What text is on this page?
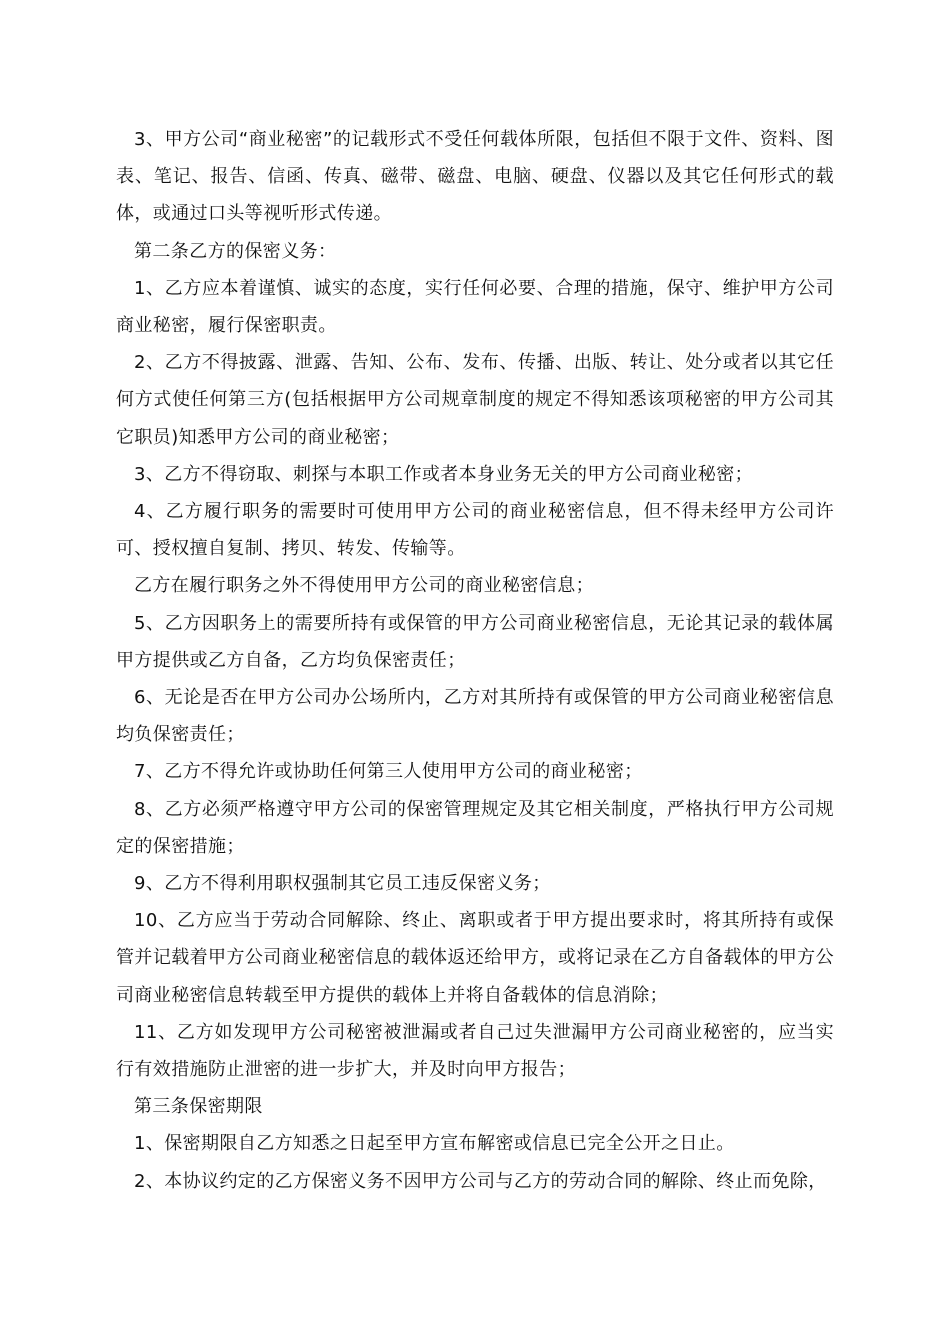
3、甲方公司“商业秘密”的记载形式不受任何载体所限，包括但不限于文件、资料、图表、笔记、报告、信函、传真、磁带、磁盘、电脑、硬盘、仪器以及其它任何形式的载体，或通过口头等视听形式传递。

第二条乙方的保密义务：

1、乙方应本着谨慎、诚实的态度，实行任何必要、合理的措施，保守、维护甲方公司商业秘密，履行保密职责。

2、乙方不得披露、泄露、告知、公布、发布、传播、出版、转让、处分或者以其它任何方式使任何第三方(包括根据甲方公司规章制度的规定不得知悉该项秘密的甲方公司其它职员)知悉甲方公司的商业秘密；

3、乙方不得窃取、刺探与本职工作或者本身业务无关的甲方公司商业秘密；

4、乙方履行职务的需要时可使用甲方公司的商业秘密信息，但不得未经甲方公司许可、授权擅自复制、拷贝、转发、传输等。

乙方在履行职务之外不得使用甲方公司的商业秘密信息；

5、乙方因职务上的需要所持有或保管的甲方公司商业秘密信息，无论其记录的载体属甲方提供或乙方自备，乙方均负保密责任；

6、无论是否在甲方公司办公场所内，乙方对其所持有或保管的甲方公司商业秘密信息均负保密责任；

7、乙方不得允许或协助任何第三人使用甲方公司的商业秘密；

8、乙方必须严格遵守甲方公司的保密管理规定及其它相关制度，严格执行甲方公司规定的保密措施；

9、乙方不得利用职权强制其它员工违反保密义务；

10、乙方应当于劳动合同解除、终止、离职或者于甲方提出要求时，将其所持有或保管并记载着甲方公司商业秘密信息的载体返还给甲方，或将记录在乙方自备载体的甲方公司商业秘密信息转载至甲方提供的载体上并将自备载体的信息消除；

11、乙方如发现甲方公司秘密被泄漏或者自己过失泄漏甲方公司商业秘密的，应当实行有效措施防止泄密的进一步扩大，并及时向甲方报告；

第三条保密期限

1、保密期限自乙方知悉之日起至甲方宣布解密或信息已完全公开之日止。

2、本协议约定的乙方保密义务不因甲方公司与乙方的劳动合同的解除、终止而免除，
